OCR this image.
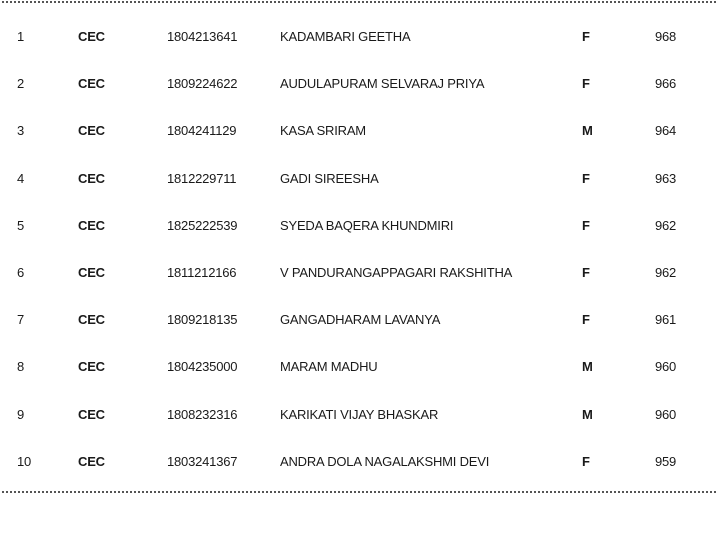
1	CEC	1804213641	KADAMBARI GEETHA	F	968
2	CEC	1809224622	AUDULAPURAM SELVARAJ PRIYA	F	966
3	CEC	1804241129	KASA SRIRAM	M	964
4	CEC	1812229711	GADI SIREESHA	F	963
5	CEC	1825222539	SYEDA BAQERA KHUNDMIRI	F	962
6	CEC	1811212166	V PANDURANGAPPAGARI RAKSHITHA	F	962
7	CEC	1809218135	GANGADHARAM LAVANYA	F	961
8	CEC	1804235000	MARAM MADHU	M	960
9	CEC	1808232316	KARIKATI VIJAY BHASKAR	M	960
10	CEC	1803241367	ANDRA DOLA NAGALAKSHMI DEVI	F	959
